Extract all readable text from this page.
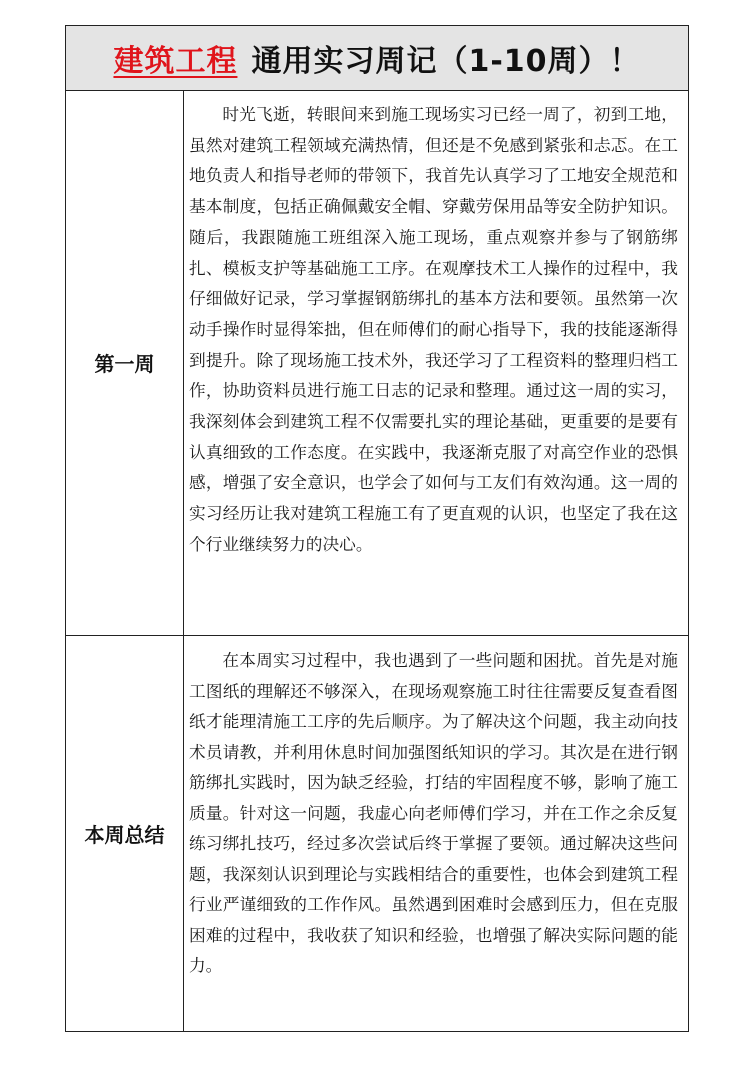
建筑工程 通用实习周记（1-10周）！
第一周

时光飞逝，转眼间来到施工现场实习已经一周了，初到工地，虽然对建筑工程领域充满热情，但还是不免感到紧张和忐忑。在工地负责人和指导老师的带领下，我首先认真学习了工地安全规范和基本制度，包括正确佩戴安全帽、穿戴劳保用品等安全防护知识。随后，我跟随施工班组深入施工现场，重点观察并参与了钢筋绑扎、模板支护等基础施工工序。在观摩技术工人操作的过程中，我仔细做好记录，学习掌握钢筋绑扎的基本方法和要领。虽然第一次动手操作时显得笨拙，但在师傅们的耐心指导下，我的技能逐渐得到提升。除了现场施工技术外，我还学习了工程资料的整理归档工作，协助资料员进行施工日志的记录和整理。通过这一周的实习，我深刻体会到建筑工程不仅需要扎实的理论基础，更重要的是要有认真细致的工作态度。在实践中，我逐渐克服了对高空作业的恐惧感，增强了安全意识，也学会了如何与工友们有效沟通。这一周的实习经历让我对建筑工程施工有了更直观的认识，也坚定了我在这个行业继续努力的决心。

本周总结

在本周实习过程中，我也遇到了一些问题和困扰。首先是对施工图纸的理解还不够深入，在现场观察施工时往往需要反复查看图纸才能理清施工工序的先后顺序。为了解决这个问题，我主动向技术员请教，并利用休息时间加强图纸知识的学习。其次是在进行钢筋绑扎实践时，因为缺乏经验，打结的牢固程度不够，影响了施工质量。针对这一问题，我虚心向老师傅们学习，并在工作之余反复练习绑扎技巧，经过多次尝试后终于掌握了要领。通过解决这些问题，我深刻认识到理论与实践相结合的重要性，也体会到建筑工程行业严谨细致的工作作风。虽然遇到困难时会感到压力，但在克服困难的过程中，我收获了知识和经验，也增强了解决实际问题的能力。
